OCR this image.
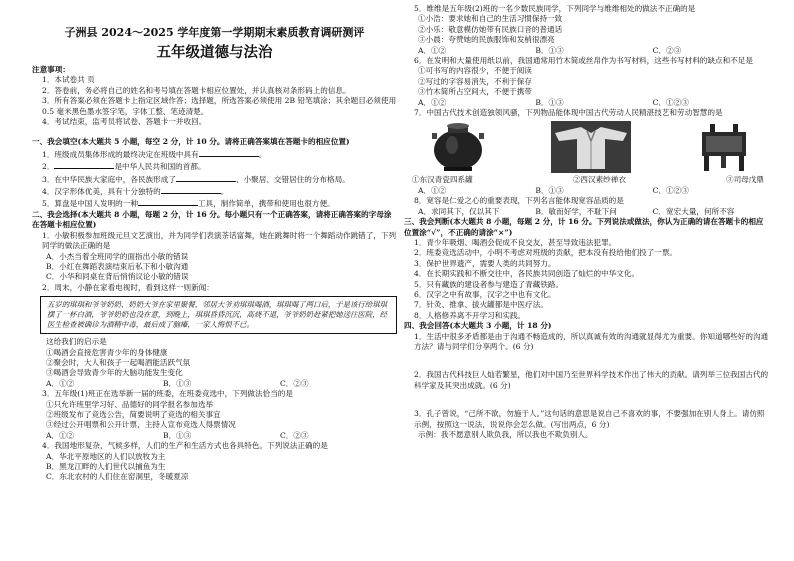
子洲县 2024～2025 学年度第一学期期末素质教育调研测评
五年级道德与法治
注意事项：
1．本试卷共 页
2．答卷前，务必将自己的姓名和考号填在答题卡相应位置处，并认真核对条形码上的信息。
3．所有答案必须在答题卡上指定区域作答；选择题，所选答案必须使用 2B 铅笔填涂；其余题目必须使用 0.5 毫米黑色墨水签字笔，字体工整、笔迹清楚。
4．考试结束，监考员将试卷、答题卡一并收回。
一、我会填空(本大题共 5 小题，每空 2 分，计 10 分。请将正确答案填在答题卡的相应位置)
1．班级成员集体形成的最终决定在班级中具有	。
2．	是中华人民共和国的首都。
3．在中华民族大家庭中，各民族形成了	、小聚居、交错居住的分布格局。
4．汉字形体优美，具有十分独特的	。
5．算盘是中国人发明的一种	工具，制作简单，携带和使用也很方便。
二、我会选择(本大题共 8 小题，每题 2 分，计 16 分。每小题只有一个正确答案，请将正确答案的字母涂在答题卡相应位置)
1．小敏积极参加班级元旦文艺演出，并为同学们表演茶话富舞，她在跳舞时将一个舞蹈动作跳错了，下列同学的做法正确的是
A．小杰当着全班同学的面指出小敏的错误
B．小红在舞蹈表演结束后私下和小敏沟通
C．小华和同桌在背后悄悄议论小敏的错误
2．周末，小静在家看电视时，看到这样一则新闻：
五岁的琪琪和爷爷奶奶、奶奶大爷在家里聚餐，邻居大爷劝琪琪喝酒，琪琪喝了两口后，于是该行给琪琪摆了一杯白酒，爷爷奶奶也没在意，到晚上，琪琪昏昏沉沉，高烧不退，爷爷奶奶赶紧把她送往医院，经医生检查被确诊为酒精中毒，最后成了脑瘫，一家人悔恨不已。
这给我们的启示是
①喝酒会直接危害青少年的身体健康
②聚会时，大人和孩子一起喝酒能活跃气氛
③喝酒会导致青少年的大脑功能发生变化
A．①②	B．①③	C．②③
3．五年级(1)班正在选举新一届的班委，在班委竞选中，下列做法恰当的是
①只允许班里学习好、品德好的同学报名参加选举
②班级发布了竞选公告，简要说明了竞选的相关事宜
③经过公开唱票和公开计票，主持人宣布竞选人得票情况
A．①②	B．①③	C．②③
4．我国地形复杂，气候多样，人们的生产和生活方式也各具特色。下列说法正确的是
A．华北平原地区的人们以放牧为主
B．黑龙江畔的人们世代以捕鱼为生
C．东北农村的人们住在窑洞里，冬暖夏凉
5．维维是五年级(2)班的一名少数民族同学，下列同学与维维相处的做法不正确的是
①小浩：要求她和自己的生活习惯保持一致
②小乐：敬意模仿她带有民族口音的普通话
③小晨：夸赞她的民族服饰和发梢很漂亮
A．①②	B．①③	C．②③
6．在发明和大量使用纸以前，我国通常用竹木简或丝帛作为书写材料，这些书写材料的缺点和不足是
①可书写的内容很少，不便于阅读
②写过的字容易消失，不利于保存
③竹木简所占空间大，不便于携带
A．①②	B．①③	C．①②③
7．中国古代技术创造独领风骚，下列物品能体现中国古代劳动人民精湛技艺和劳动智慧的是
①东汉青瓷四系罐	②西汉素纱禅衣	③司母戊鼎
A．①②	B．①③	C．①②③
8．宽容是仁爱之心的重要表现，下列名言能体现宽容品质的是
A．求同其下，仅以其下	B．敏而好学，不耻下问	C．宽宏大量，何所不容
三、我会判断(本大题共 8 小题，每题 2 分，计 16 分。下列说法或做法，你认为正确的请在答题卡的相应位置涂“√”，不正确的请涂“×”)
1．青少年吸烟、喝酒会促成不良交友，甚至导致违法犯罪。
2．班委竞选活动中，小明不考虑对班级的贡献，把本没有投给他们投了一票。
3．保护世界遗产，需要人类的共同努力。
4．在长期实践和不断交往中，各民族共同创造了灿烂的中华文化。
5．只有藏族的建设者参与建造了青藏铁路。
6．汉字之中有故事，汉字之中也有文化。
7．针灸、推拿、拔火罐都是中医疗法。
8．人格修养离不开学习和实践。
四、我会回答(本大题共 3 小题，计 18 分)
1．生活中很多矛盾都是由于沟通不畅造成的，所以真诚有效的沟通就显得尤为重要。你知道哪些好的沟通方法？请与同学们分享两个。(6 分)
2．我国古代科技巨人灿若繁星，他们对中国乃至世界科学技术作出了伟大的贡献。请列举三位我国古代的科学家及其突出成就。(6 分)
3．孔子曾说，“己所不欲，勿施于人。”这句话的意思是说自己不喜欢的事，不要强加在别人身上。请仿照示例，按照这一说法，说说你会怎么做。(写出两点，6 分)
示例：我不愿意别人欺负我，所以我也不欺负别人。
